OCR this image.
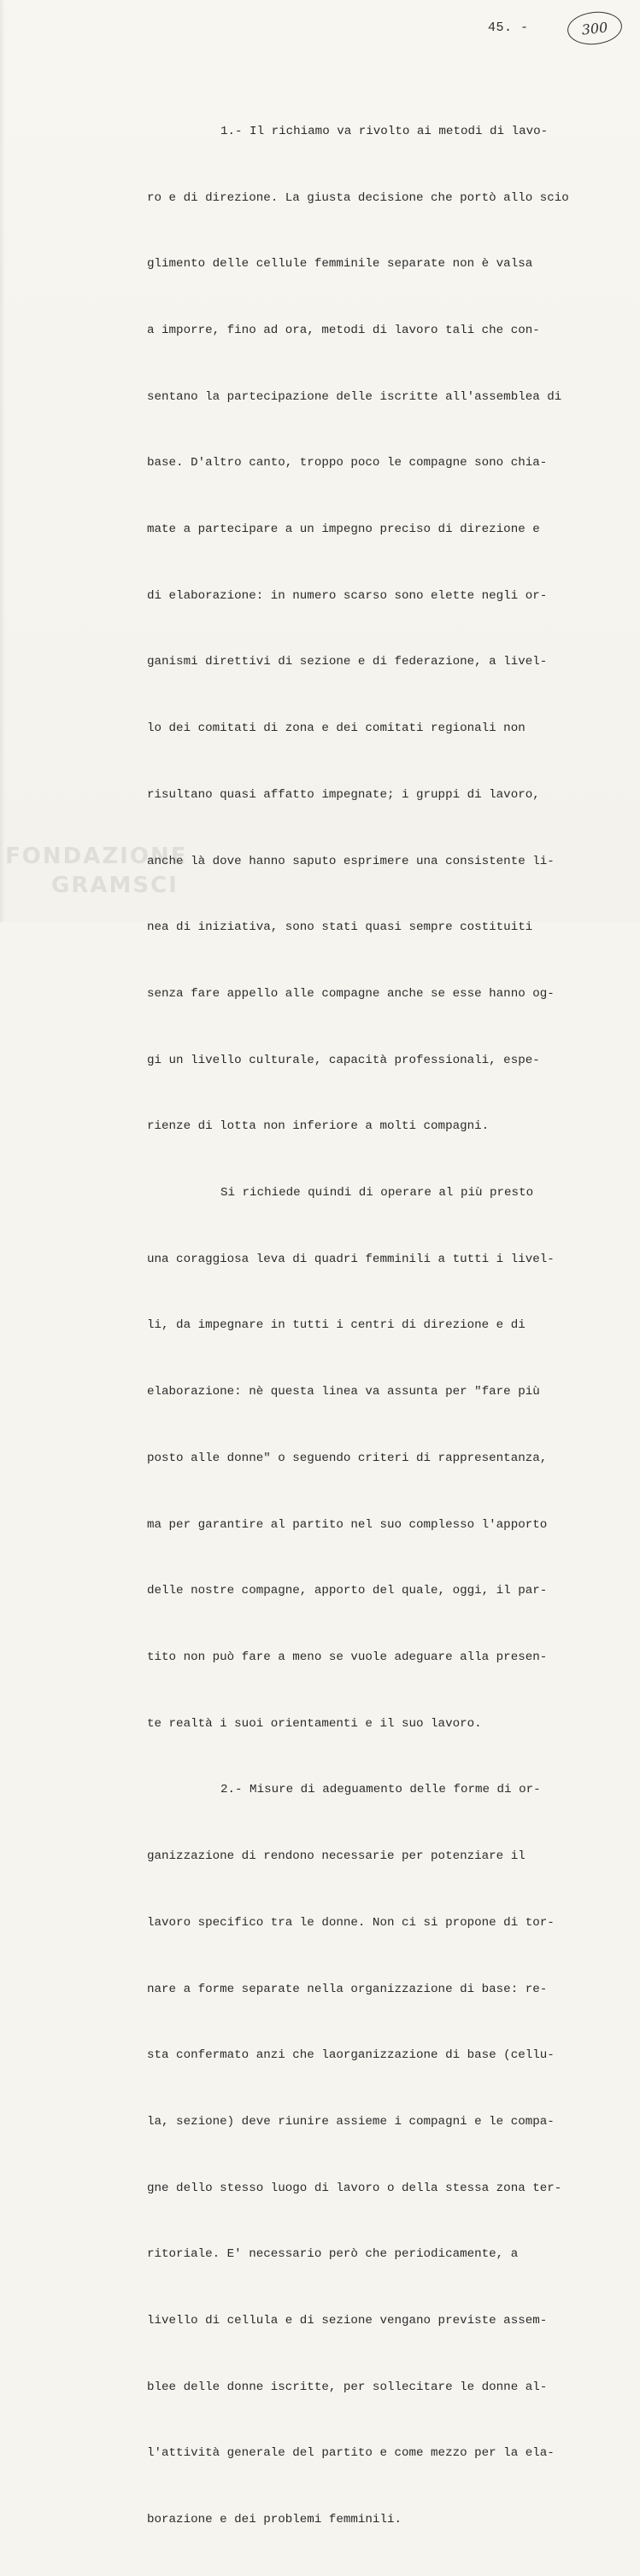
45. -	300

1.- Il richiamo va rivolto ai metodi di lavo-

ro e di direzione. La giusta decisione che portò allo scio

glimento delle cellule femminile separate non è valsa

a imporre, fino ad ora, metodi di lavoro tali che con-

sentano la partecipazione delle iscritte all'assemblea di

base. D'altro canto, troppo poco le compagne sono chia-

mate a partecipare a un impegno preciso di direzione e

di elaborazione: in numero scarso sono elette negli or-

ganismi direttivi di sezione e di federazione, a livel-

lo dei comitati di zona e dei comitati regionali non

risultano quasi affatto impegnate; i gruppi di lavoro,

anche là dove hanno saputo esprimere una consistente li-

nea di iniziativa, sono stati quasi sempre costituiti

senza fare appello alle compagne anche se esse hanno og-

gi un livello culturale, capacità professionali, espe-

rienze di lotta non inferiore a molti compagni.

Si richiede quindi di operare al più presto

una coraggiosa leva di quadri femminili a tutti i livel-

li, da impegnare in tutti i centri di direzione e di

elaborazione: nè questa linea va assunta per "fare più

posto alle donne" o seguendo criteri di rappresentanza,

ma per garantire al partito nel suo complesso l'apporto

delle nostre compagne, apporto del quale, oggi, il par-

tito non può fare a meno se vuole adeguare alla presen-

te realtà i suoi orientamenti e il suo lavoro.

2.- Misure di adeguamento delle forme di or-

ganizzazione di rendono necessarie per potenziare il

lavoro specifico tra le donne. Non ci si propone di tor-

nare a forme separate nella organizzazione di base: re-

sta confermato anzi che laorganizzazione di base (cellu-

la, sezione) deve riunire assieme i compagni e le compa-

gne dello stesso luogo di lavoro o della stessa zona ter-

ritoriale. E' necessario però che periodicamente, a

livello di cellula e di sezione vengano previste assem-

blee delle donne iscritte, per sollecitare le donne al-

l'attività generale del partito e come mezzo per la ela-

borazione e dei problemi femminili.

FONDAZIONE
GRAMSCI
